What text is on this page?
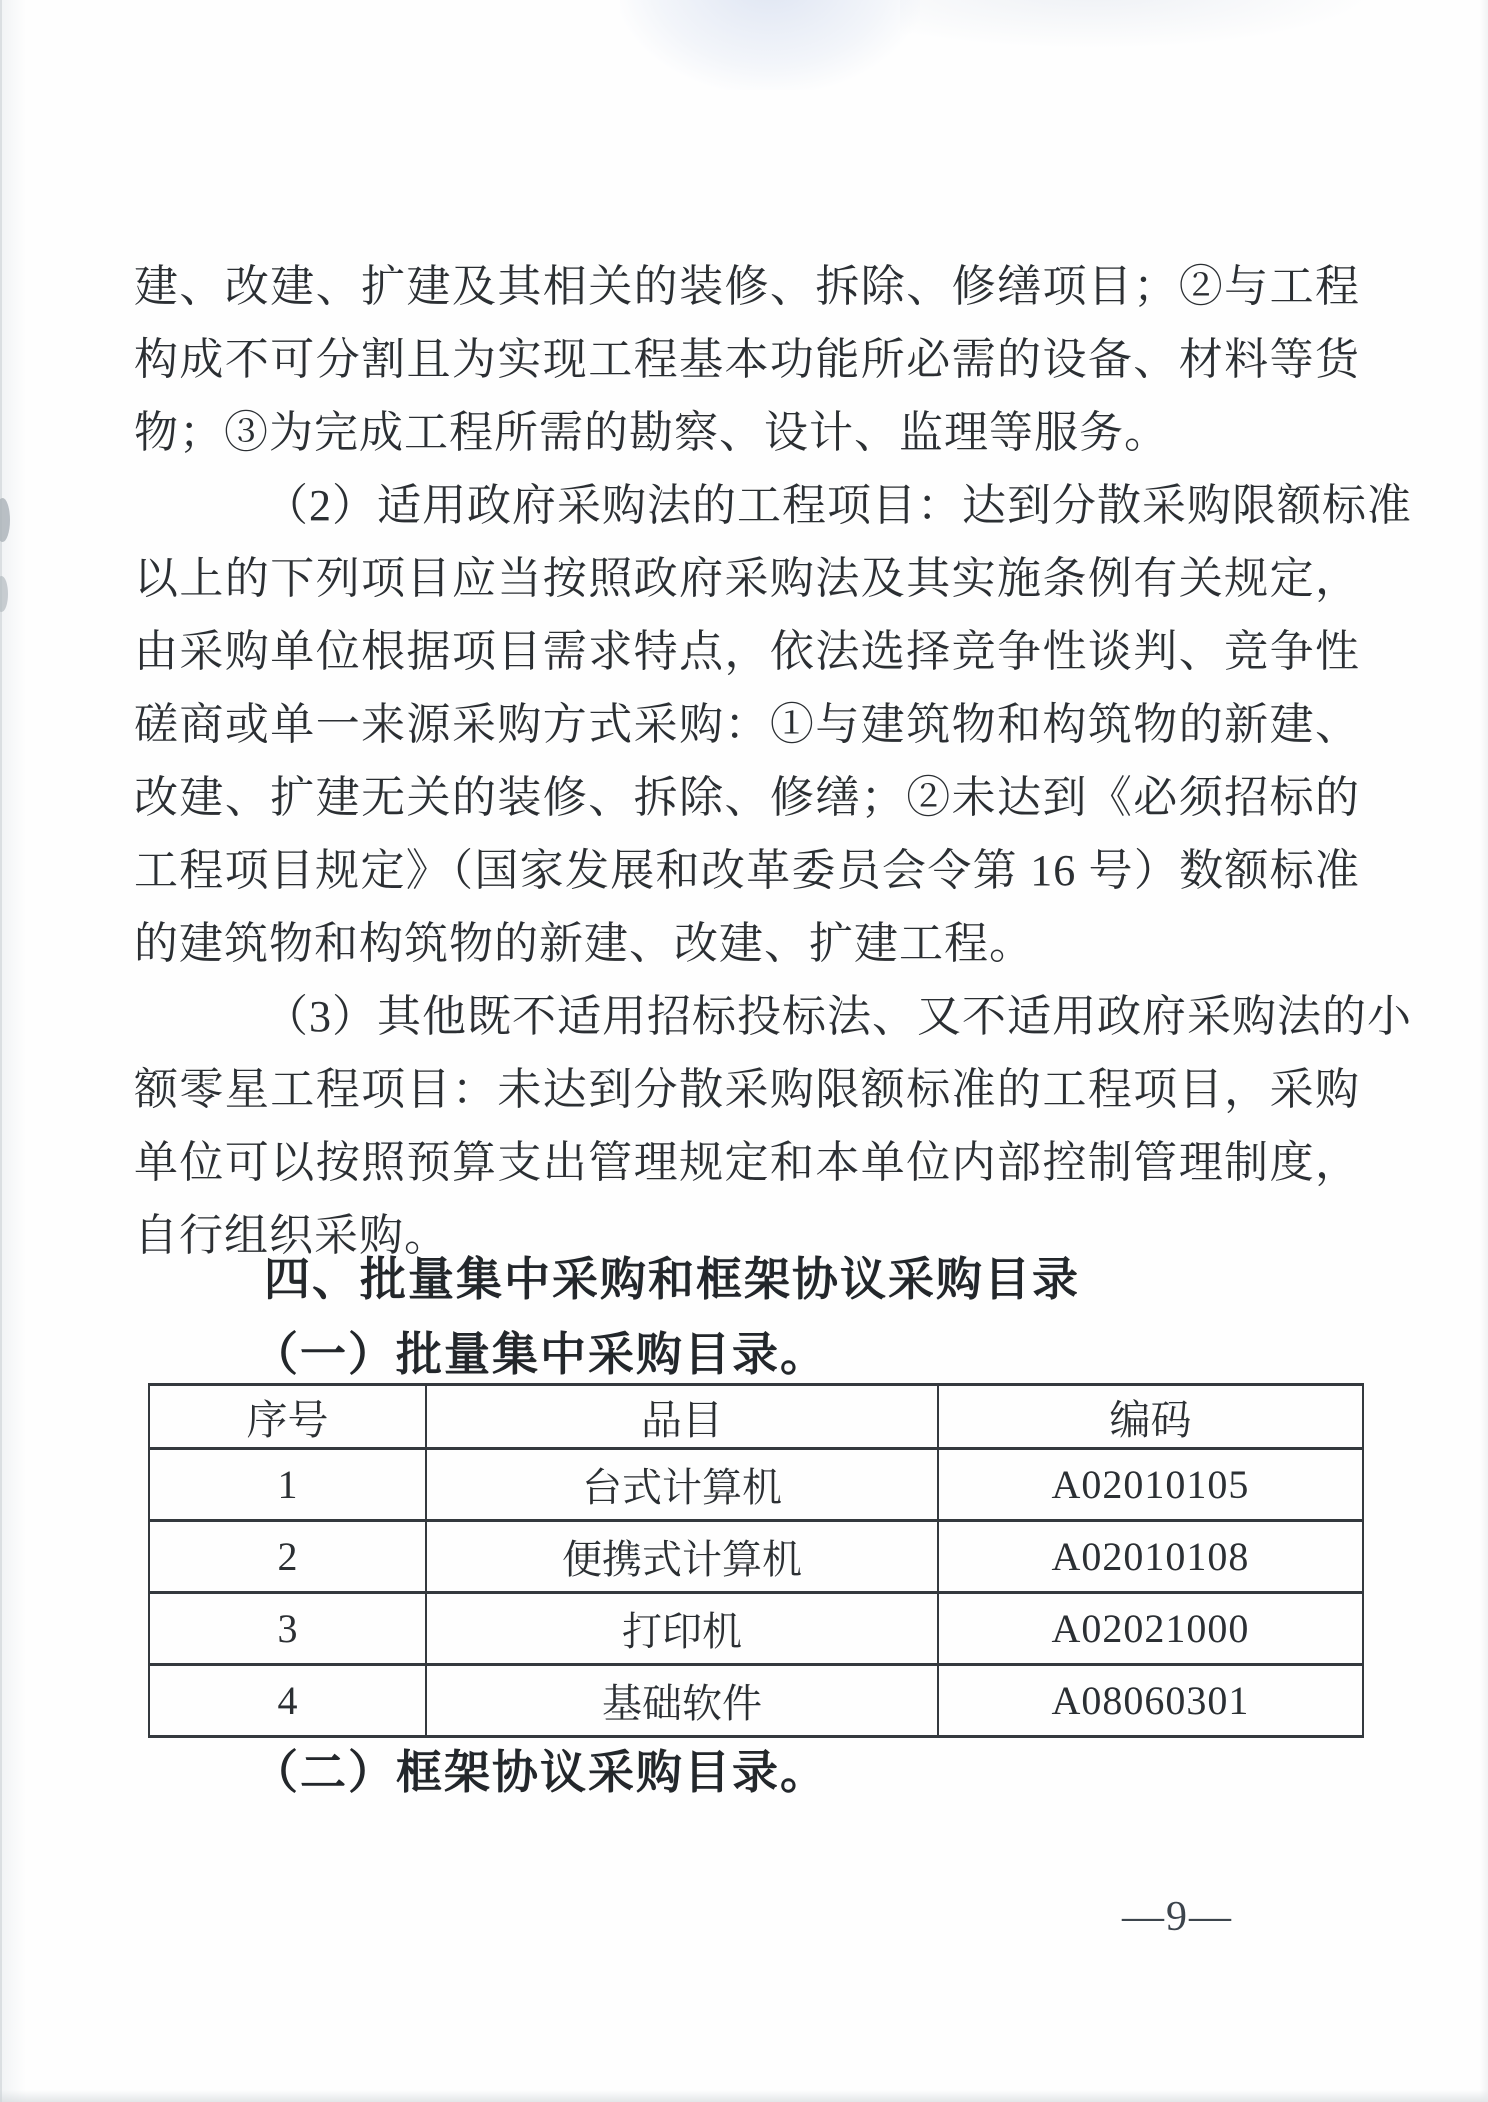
建、改建、扩建及其相关的装修、拆除、修缮项目；②与工程
构成不可分割且为实现工程基本功能所必需的设备、材料等货
物；③为完成工程所需的勘察、设计、监理等服务。
（2）适用政府采购法的工程项目：达到分散采购限额标准
以上的下列项目应当按照政府采购法及其实施条例有关规定，
由采购单位根据项目需求特点，依法选择竞争性谈判、竞争性
磋商或单一来源采购方式采购：①与建筑物和构筑物的新建、
改建、扩建无关的装修、拆除、修缮；②未达到《必须招标的
工程项目规定》（国家发展和改革委员会令第 16 号）数额标准
的建筑物和构筑物的新建、改建、扩建工程。
（3）其他既不适用招标投标法、又不适用政府采购法的小
额零星工程项目：未达到分散采购限额标准的工程项目，采购
单位可以按照预算支出管理规定和本单位内部控制管理制度，
自行组织采购。
四、批量集中采购和框架协议采购目录
（一）批量集中采购目录。
序号	品目	编码
1	台式计算机	A02010105
2	便携式计算机	A02010108
3	打印机	A02021000
4	基础软件	A08060301
（二）框架协议采购目录。
—9—
